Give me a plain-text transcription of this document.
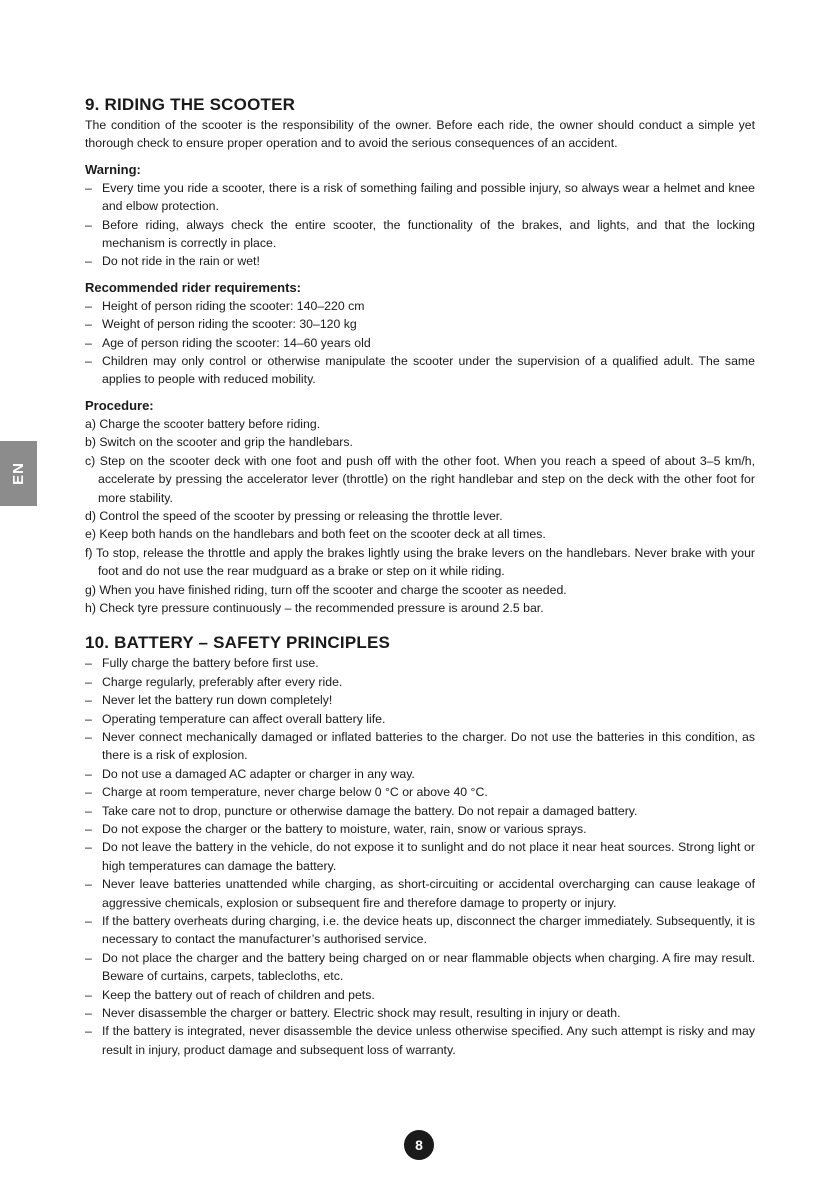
EN
9. RIDING THE SCOOTER

The condition of the scooter is the responsibility of the owner. Before each ride, the owner should conduct a simple yet thorough check to ensure proper operation and to avoid the serious consequences of an accident.

Warning:
– Every time you ride a scooter, there is a risk of something failing and possible injury, so always wear a helmet and knee and elbow protection.
– Before riding, always check the entire scooter, the functionality of the brakes, and lights, and that the locking mechanism is correctly in place.
– Do not ride in the rain or wet!
Recommended rider requirements:
– Height of person riding the scooter: 140–220 cm
– Weight of person riding the scooter: 30–120 kg
– Age of person riding the scooter: 14–60 years old
– Children may only control or otherwise manipulate the scooter under the supervision of a qualified adult. The same applies to people with reduced mobility.
Procedure:
a) Charge the scooter battery before riding.
b) Switch on the scooter and grip the handlebars.
c) Step on the scooter deck with one foot and push off with the other foot. When you reach a speed of about 3–5 km/h, accelerate by pressing the accelerator lever (throttle) on the right handlebar and step on the deck with the other foot for more stability.
d) Control the speed of the scooter by pressing or releasing the throttle lever.
e) Keep both hands on the handlebars and both feet on the scooter deck at all times.
f) To stop, release the throttle and apply the brakes lightly using the brake levers on the handlebars. Never brake with your foot and do not use the rear mudguard as a brake or step on it while riding.
g) When you have finished riding, turn off the scooter and charge the scooter as needed.
h) Check tyre pressure continuously – the recommended pressure is around 2.5 bar.
10. BATTERY – SAFETY PRINCIPLES
– Fully charge the battery before first use.
– Charge regularly, preferably after every ride.
– Never let the battery run down completely!
– Operating temperature can affect overall battery life.
– Never connect mechanically damaged or inflated batteries to the charger. Do not use the batteries in this condition, as there is a risk of explosion.
– Do not use a damaged AC adapter or charger in any way.
– Charge at room temperature, never charge below 0 °C or above 40 °C.
– Take care not to drop, puncture or otherwise damage the battery. Do not repair a damaged battery.
– Do not expose the charger or the battery to moisture, water, rain, snow or various sprays.
– Do not leave the battery in the vehicle, do not expose it to sunlight and do not place it near heat sources. Strong light or high temperatures can damage the battery.
– Never leave batteries unattended while charging, as short-circuiting or accidental overcharging can cause leakage of aggressive chemicals, explosion or subsequent fire and therefore damage to property or injury.
– If the battery overheats during charging, i.e. the device heats up, disconnect the charger immediately. Subsequently, it is necessary to contact the manufacturer’s authorised service.
– Do not place the charger and the battery being charged on or near flammable objects when charging. A fire may result. Beware of curtains, carpets, tablecloths, etc.
– Keep the battery out of reach of children and pets.
– Never disassemble the charger or battery. Electric shock may result, resulting in injury or death.
– If the battery is integrated, never disassemble the device unless otherwise specified. Any such attempt is risky and may result in injury, product damage and subsequent loss of warranty.
8
